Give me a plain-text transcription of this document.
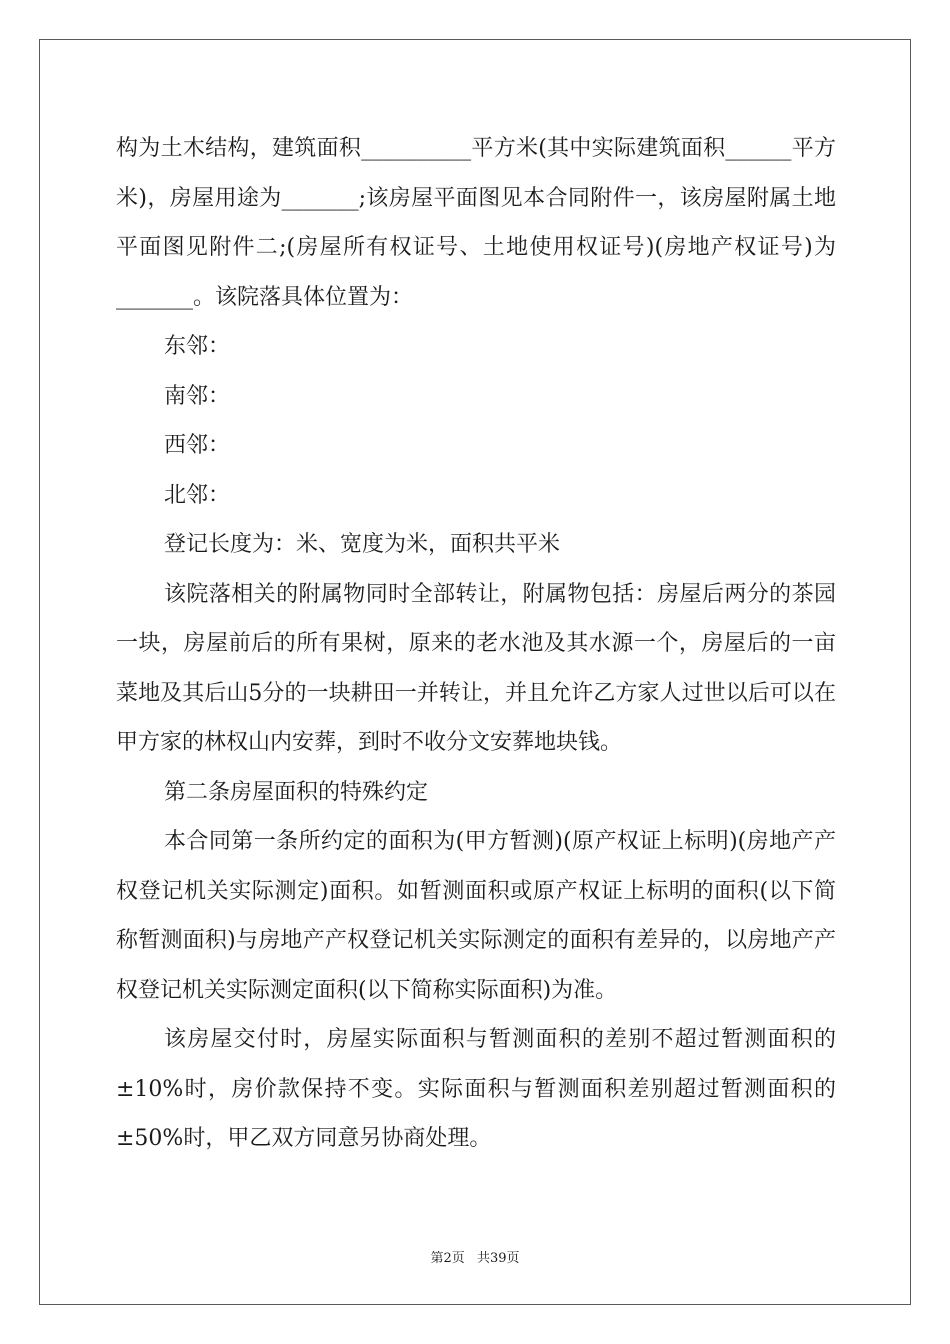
构为土木结构，建筑面积__________平方米(其中实际建筑面积______平方米)，房屋用途为_______;该房屋平面图见本合同附件一，该房屋附属土地平面图见附件二;(房屋所有权证号、土地使用权证号)(房地产权证号)为_______。该院落具体位置为：

东邻：

南邻：

西邻：

北邻：

登记长度为：米、宽度为米，面积共平米

该院落相关的附属物同时全部转让，附属物包括：房屋后两分的茶园一块，房屋前后的所有果树，原来的老水池及其水源一个，房屋后的一亩菜地及其后山5分的一块耕田一并转让，并且允许乙方家人过世以后可以在甲方家的林权山内安葬，到时不收分文安葬地块钱。

第二条房屋面积的特殊约定

本合同第一条所约定的面积为(甲方暂测)(原产权证上标明)(房地产产权登记机关实际测定)面积。如暂测面积或原产权证上标明的面积(以下简称暂测面积)与房地产产权登记机关实际测定的面积有差异的，以房地产产权登记机关实际测定面积(以下简称实际面积)为准。

该房屋交付时，房屋实际面积与暂测面积的差别不超过暂测面积的±10%时，房价款保持不变。实际面积与暂测面积差别超过暂测面积的±50%时，甲乙双方同意另协商处理。

第2页 共39页
